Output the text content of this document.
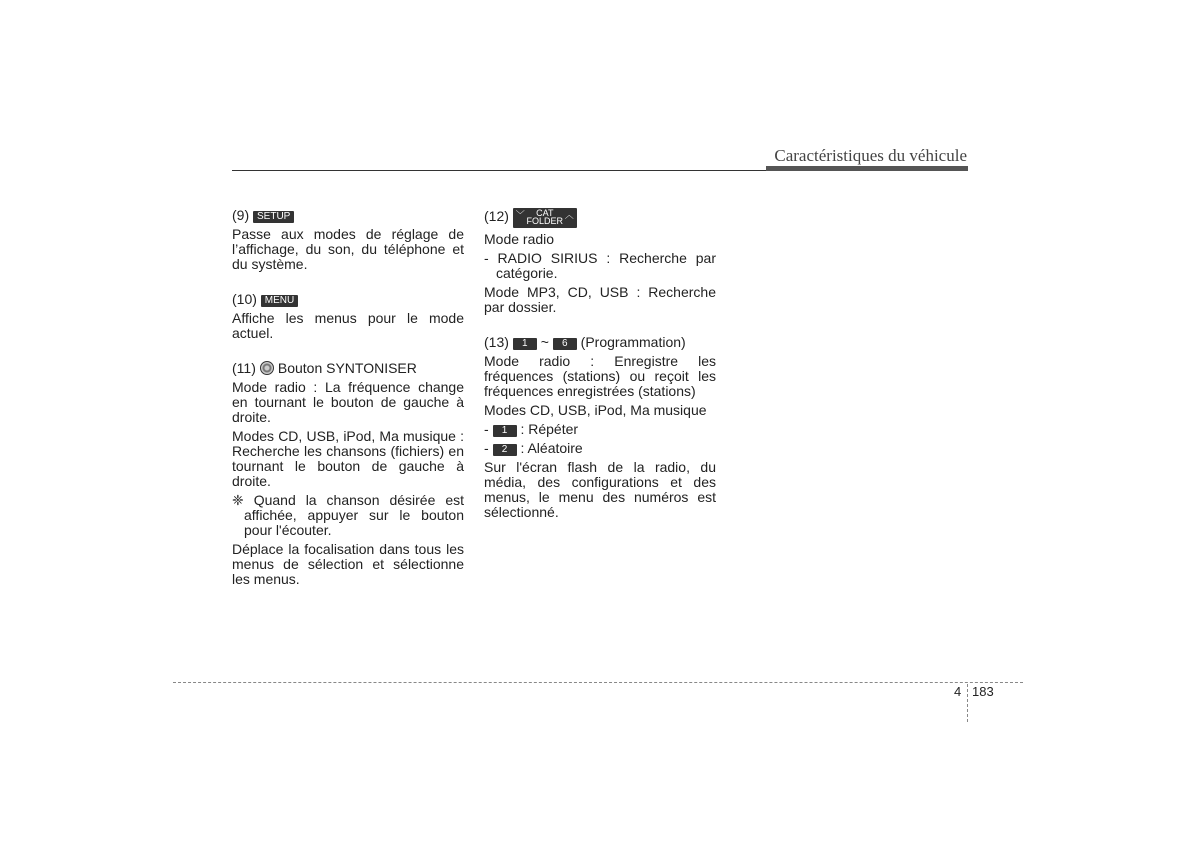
Caractéristiques du véhicule
(9) SETUP
Passe aux modes de réglage de l’affichage, du son, du téléphone et du système.
(10) MENU
Affiche les menus pour le mode actuel.
(11) Bouton SYNTONISER
Mode radio : La fréquence change en tournant le bouton de gauche à droite.
Modes CD, USB, iPod, Ma musique : Recherche les chansons (fichiers) en tournant le bouton de gauche à droite.
❈ Quand la chanson désirée est affichée, appuyer sur le bouton pour l'écouter.
Déplace la focalisation dans tous les menus de sélection et sélectionne les menus.
(12) ﹀	CAT
FOLDER
︿
Mode radio
- RADIO SIRIUS : Recherche par catégorie.
Mode MP3, CD, USB : Recherche par dossier.
(13) 1 ~ 6 (Programmation)
Mode radio : Enregistre les fréquences (stations) ou reçoit les fréquences enregistrées (stations)
Modes CD, USB, iPod, Ma musique
- 1 : Répéter
- 2 : Aléatoire
Sur l'écran flash de la radio, du média, des configurations et des menus, le menu des numéros est sélectionné.
4 183
